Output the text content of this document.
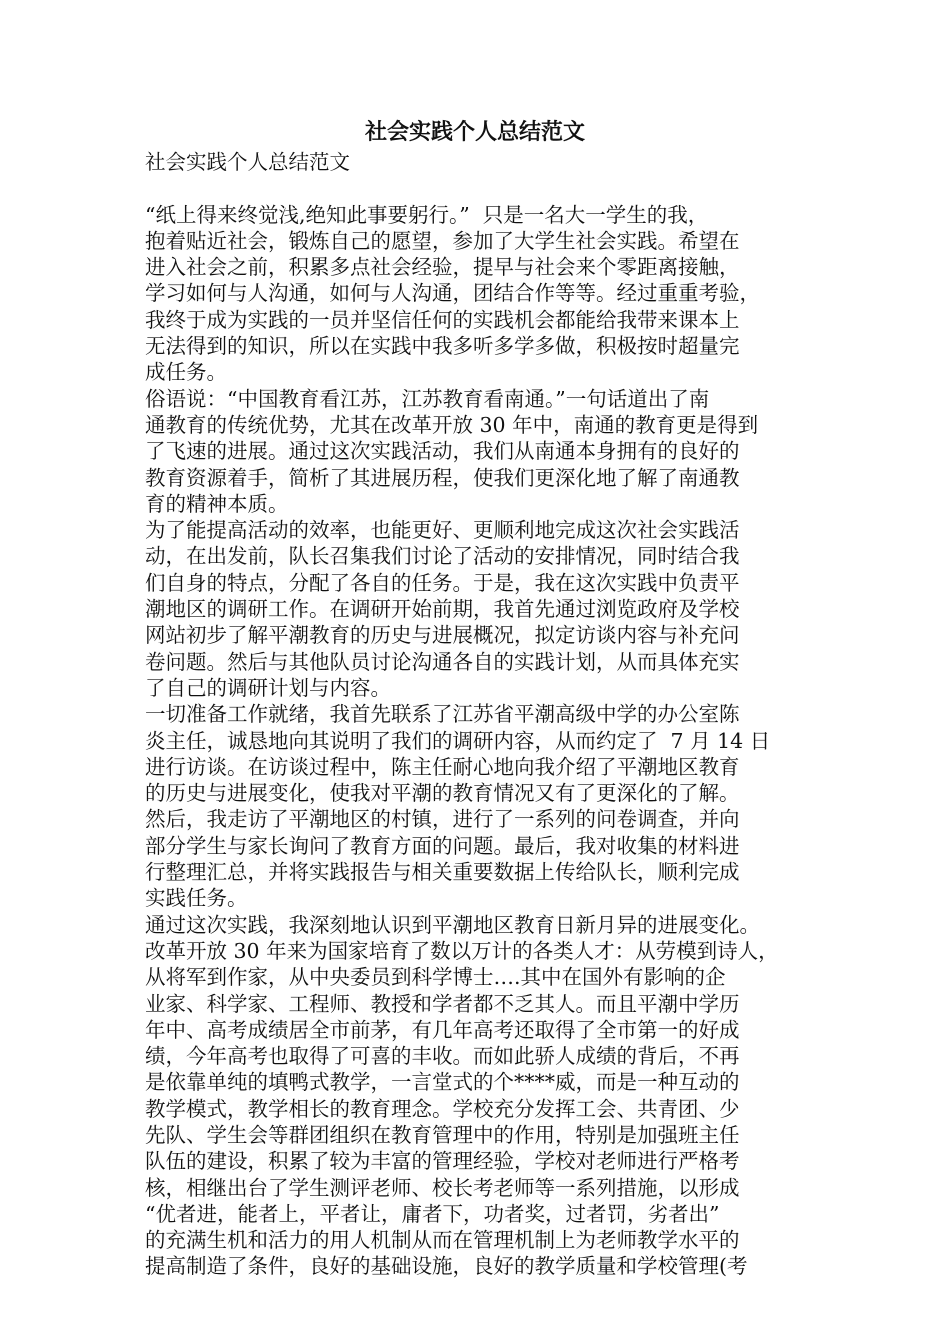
社会实践个人总结范文
社会实践个人总结范文
“纸上得来终觉浅,绝知此事要躬行。”  只是一名大一学生的我，
抱着贴近社会，锻炼自己的愿望，参加了大学生社会实践。希望在
进入社会之前，积累多点社会经验，提早与社会来个零距离接触，
学习如何与人沟通，如何与人沟通，团结合作等等。经过重重考验，
我终于成为实践的一员并坚信任何的实践机会都能给我带来课本上
无法得到的知识，所以在实践中我多听多学多做，积极按时超量完
成任务。
俗语说：“中国教育看江苏，江苏教育看南通。”一句话道出了南
通教育的传统优势，尤其在改革开放 30 年中，南通的教育更是得到
了飞速的进展。通过这次实践活动，我们从南通本身拥有的良好的
教育资源着手，简析了其进展历程，使我们更深化地了解了南通教
育的精神本质。
为了能提高活动的效率，也能更好、更顺利地完成这次社会实践活
动，在出发前，队长召集我们讨论了活动的安排情况，同时结合我
们自身的特点，分配了各自的任务。于是，我在这次实践中负责平
潮地区的调研工作。在调研开始前期，我首先通过浏览政府及学校
网站初步了解平潮教育的历史与进展概况，拟定访谈内容与补充问
卷问题。然后与其他队员讨论沟通各自的实践计划，从而具体充实
了自己的调研计划与内容。
一切准备工作就绪，我首先联系了江苏省平潮高级中学的办公室陈
炎主任，诚恳地向其说明了我们的调研内容，从而约定了  7 月 14 日
进行访谈。在访谈过程中，陈主任耐心地向我介绍了平潮地区教育
的历史与进展变化，使我对平潮的教育情况又有了更深化的了解。
然后，我走访了平潮地区的村镇，进行了一系列的问卷调查，并向
部分学生与家长询问了教育方面的问题。最后，我对收集的材料进
行整理汇总，并将实践报告与相关重要数据上传给队长，顺利完成
实践任务。
通过这次实践，我深刻地认识到平潮地区教育日新月异的进展变化。
改革开放 30 年来为国家培育了数以万计的各类人才：从劳模到诗人，
从将军到作家，从中央委员到科学博士….其中在国外有影响的企
业家、科学家、工程师、教授和学者都不乏其人。而且平潮中学历
年中、高考成绩居全市前茅，有几年高考还取得了全市第一的好成
绩，今年高考也取得了可喜的丰收。而如此骄人成绩的背后，不再
是依靠单纯的填鸭式教学，一言堂式的个****威，而是一种互动的
教学模式，教学相长的教育理念。学校充分发挥工会、共青团、少
先队、学生会等群团组织在教育管理中的作用，特别是加强班主任
队伍的建设，积累了较为丰富的管理经验，学校对老师进行严格考
核，相继出台了学生测评老师、校长考老师等一系列措施，以形成
“优者进，能者上，平者让，庸者下，功者奖，过者罚，劣者出”
的充满生机和活力的用人机制从而在管理机制上为老师教学水平的
提高制造了条件，良好的基础设施，良好的教学质量和学校管理(考
